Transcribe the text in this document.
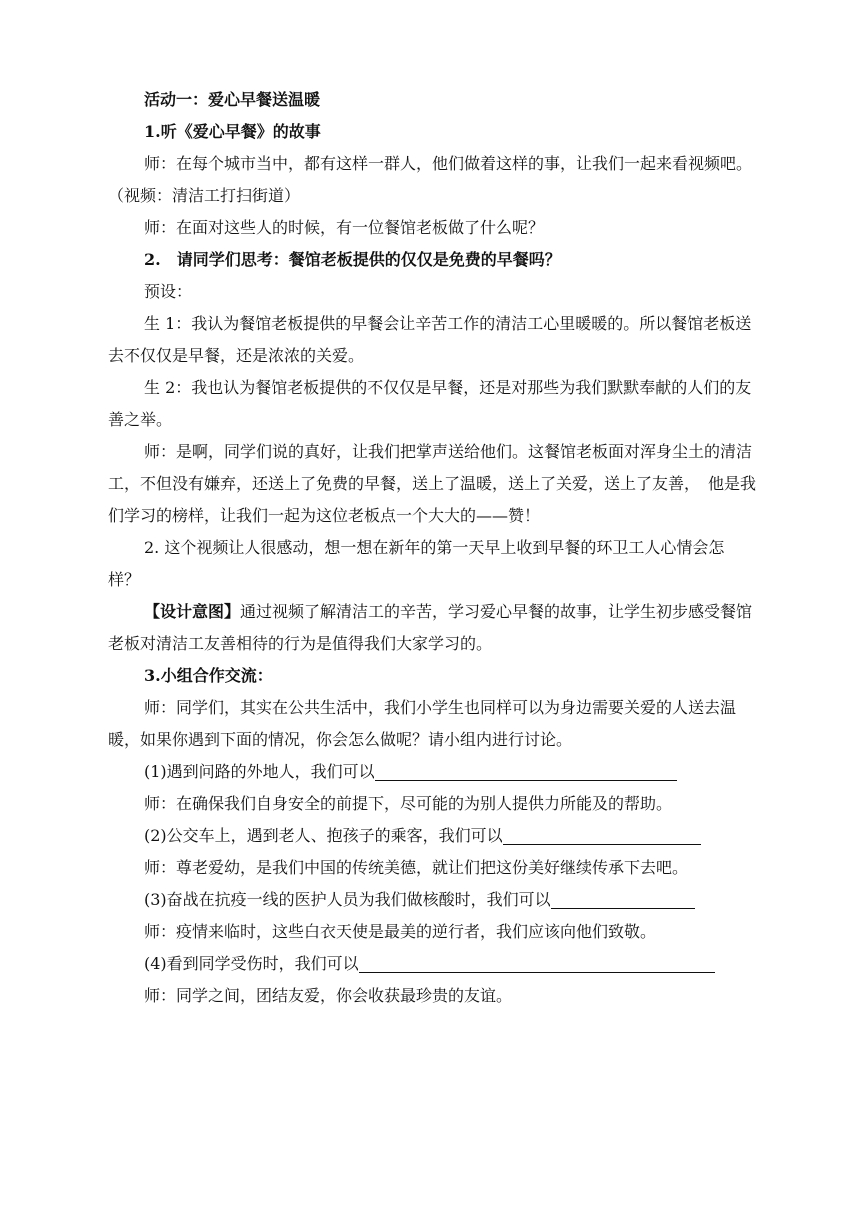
活动一：爱心早餐送温暖

1.听《爱心早餐》的故事

师：在每个城市当中，都有这样一群人，他们做着这样的事，让我们一起来看视频吧。（视频：清洁工打扫街道）

师：在面对这些人的时候，有一位餐馆老板做了什么呢？

2.　请同学们思考：餐馆老板提供的仅仅是免费的早餐吗？

预设：

生 1：我认为餐馆老板提供的早餐会让辛苦工作的清洁工心里暖暖的。所以餐馆老板送去不仅仅是早餐，还是浓浓的关爱。

生 2：我也认为餐馆老板提供的不仅仅是早餐，还是对那些为我们默默奉献的人们的友善之举。

师：是啊，同学们说的真好，让我们把掌声送给他们。这餐馆老板面对浑身尘土的清洁工，不但没有嫌弃，还送上了免费的早餐，送上了温暖，送上了关爱，送上了友善，　他是我们学习的榜样，让我们一起为这位老板点一个大大的——赞！

2. 这个视频让人很感动，想一想在新年的第一天早上收到早餐的环卫工人心情会怎样？

【设计意图】通过视频了解清洁工的辛苦，学习爱心早餐的故事，让学生初步感受餐馆老板对清洁工友善相待的行为是值得我们大家学习的。

3.小组合作交流：

师：同学们，其实在公共生活中，我们小学生也同样可以为身边需要关爱的人送去温暖，如果你遇到下面的情况，你会怎么做呢？请小组内进行讨论。

(1)遇到问路的外地人，我们可以

师：在确保我们自身安全的前提下，尽可能的为别人提供力所能及的帮助。

(2)公交车上，遇到老人、抱孩子的乘客，我们可以

师：尊老爱幼，是我们中国的传统美德，就让们把这份美好继续传承下去吧。

(3)奋战在抗疫一线的医护人员为我们做核酸时，我们可以

师：疫情来临时，这些白衣天使是最美的逆行者，我们应该向他们致敬。

(4)看到同学受伤时，我们可以

师：同学之间，团结友爱，你会收获最珍贵的友谊。
